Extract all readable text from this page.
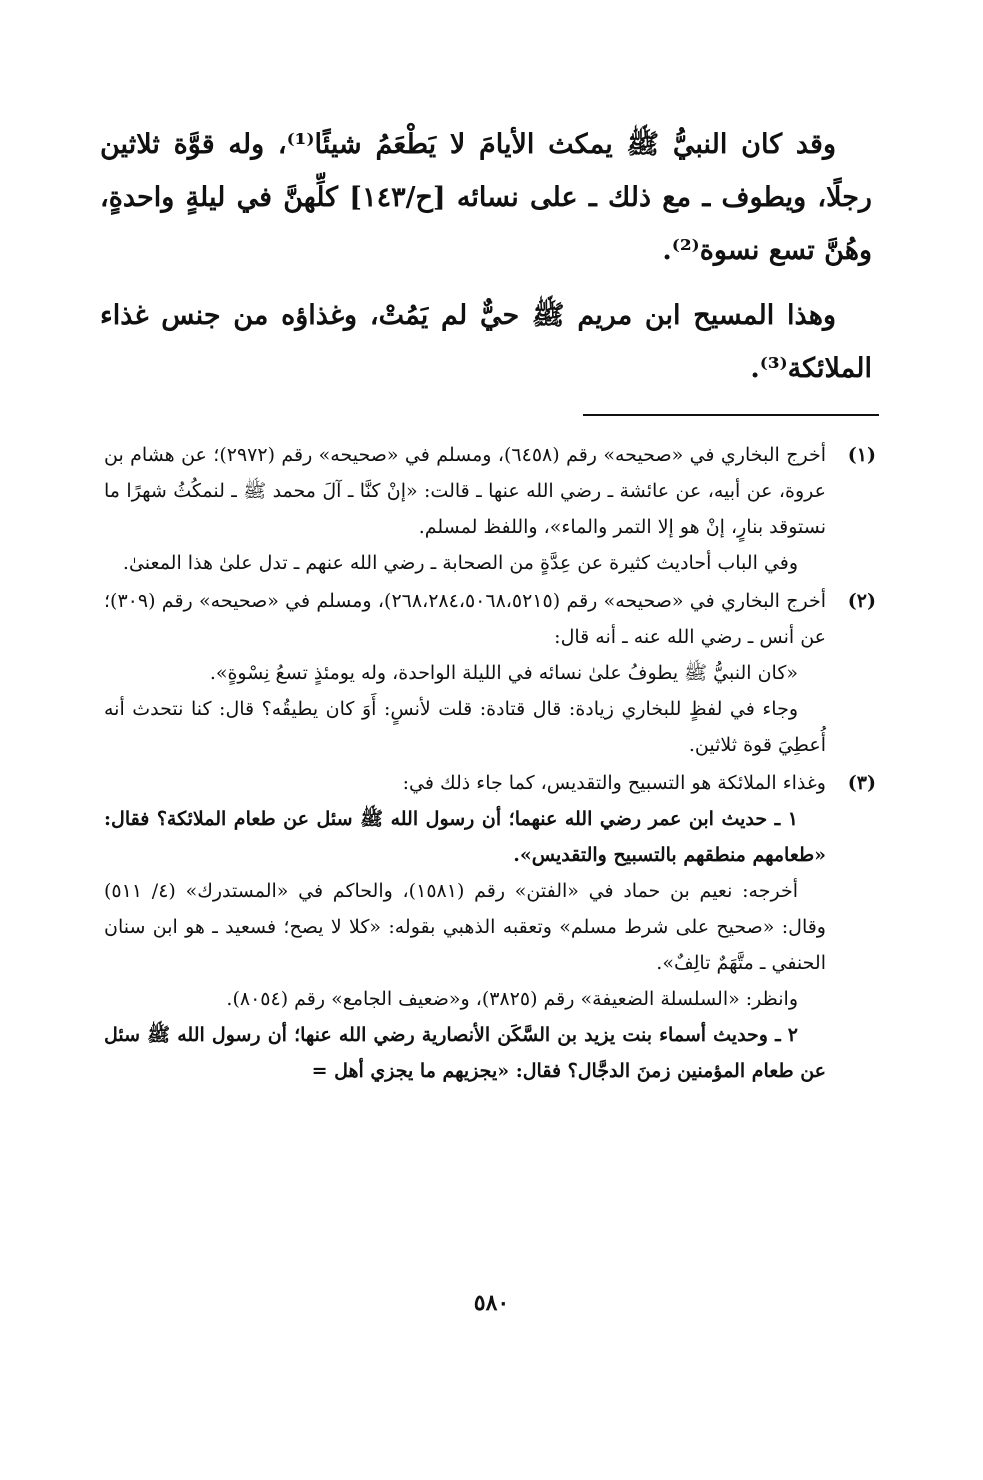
وقد كان النبيُّ ﷺ يمكث الأيامَ لا يَطْعَمُ شيئًا⁽¹⁾، وله قوَّة ثلاثين رجلًا، ويطوف ـ مع ذلك ـ على نسائه [ح/١٤٣] كلِّهنَّ في ليلةٍ واحدةٍ، وهُنَّ تسع نسوة⁽²⁾.

وهذا المسيح ابن مريم ﷺ حيٌّ لم يَمُتْ، وغذاؤه من جنس غذاء الملائكة⁽³⁾.

(١)

أخرج البخاري في «صحيحه» رقم (٦٤٥٨)، ومسلم في «صحيحه» رقم (٢٩٧٢)؛ عن هشام بن عروة، عن أبيه، عن عائشة ـ رضي الله عنها ـ قالت: «إنْ كنَّا ـ آلَ محمد ﷺ ـ لنمكُثُ شهرًا ما نستوقد بنارٍ، إنْ هو إلا التمر والماء»، واللفظ لمسلم.

وفي الباب أحاديث كثيرة عن عِدَّةٍ من الصحابة ـ رضي الله عنهم ـ تدل علىٰ هذا المعنىٰ.

(٢)

أخرج البخاري في «صحيحه» رقم (٢٦٨،٢٨٤،٥٠٦٨،٥٢١٥)، ومسلم في «صحيحه» رقم (٣٠٩)؛ عن أنس ـ رضي الله عنه ـ أنه قال:

«كان النبيُّ ﷺ يطوفُ علىٰ نسائه في الليلة الواحدة، وله يومئذٍ تسعُ نِسْوةٍ».

وجاء في لفظٍ للبخاري زيادة: قال قتادة: قلت لأنسٍ: أَوَ كان يطيقُه؟ قال: كنا نتحدث أنه أُعطِيَ قوة ثلاثين.

(٣)

وغذاء الملائكة هو التسبيح والتقديس، كما جاء ذلك في:

١ ـ حديث ابن عمر رضي الله عنهما؛ أن رسول الله ﷺ سئل عن طعام الملائكة؟ فقال: «طعامهم منطقهم بالتسبيح والتقديس».

أخرجه: نعيم بن حماد في «الفتن» رقم (١٥٨١)، والحاكم في «المستدرك» (٤/ ٥١١) وقال: «صحيح على شرط مسلم» وتعقبه الذهبي بقوله: «كلا لا يصح؛ فسعيد ـ هو ابن سنان الحنفي ـ متَّهَمٌ تالِفٌ».

وانظر: «السلسلة الضعيفة» رقم (٣٨٢٥)، و«ضعيف الجامع» رقم (٨٠٥٤).

٢ ـ وحديث أسماء بنت يزيد بن السَّكَن الأنصارية رضي الله عنها؛ أن رسول الله ﷺ سئل عن طعام المؤمنين زمنَ الدجَّال؟ فقال: «يجزيهم ما يجزي أهل =

٥٨٠
